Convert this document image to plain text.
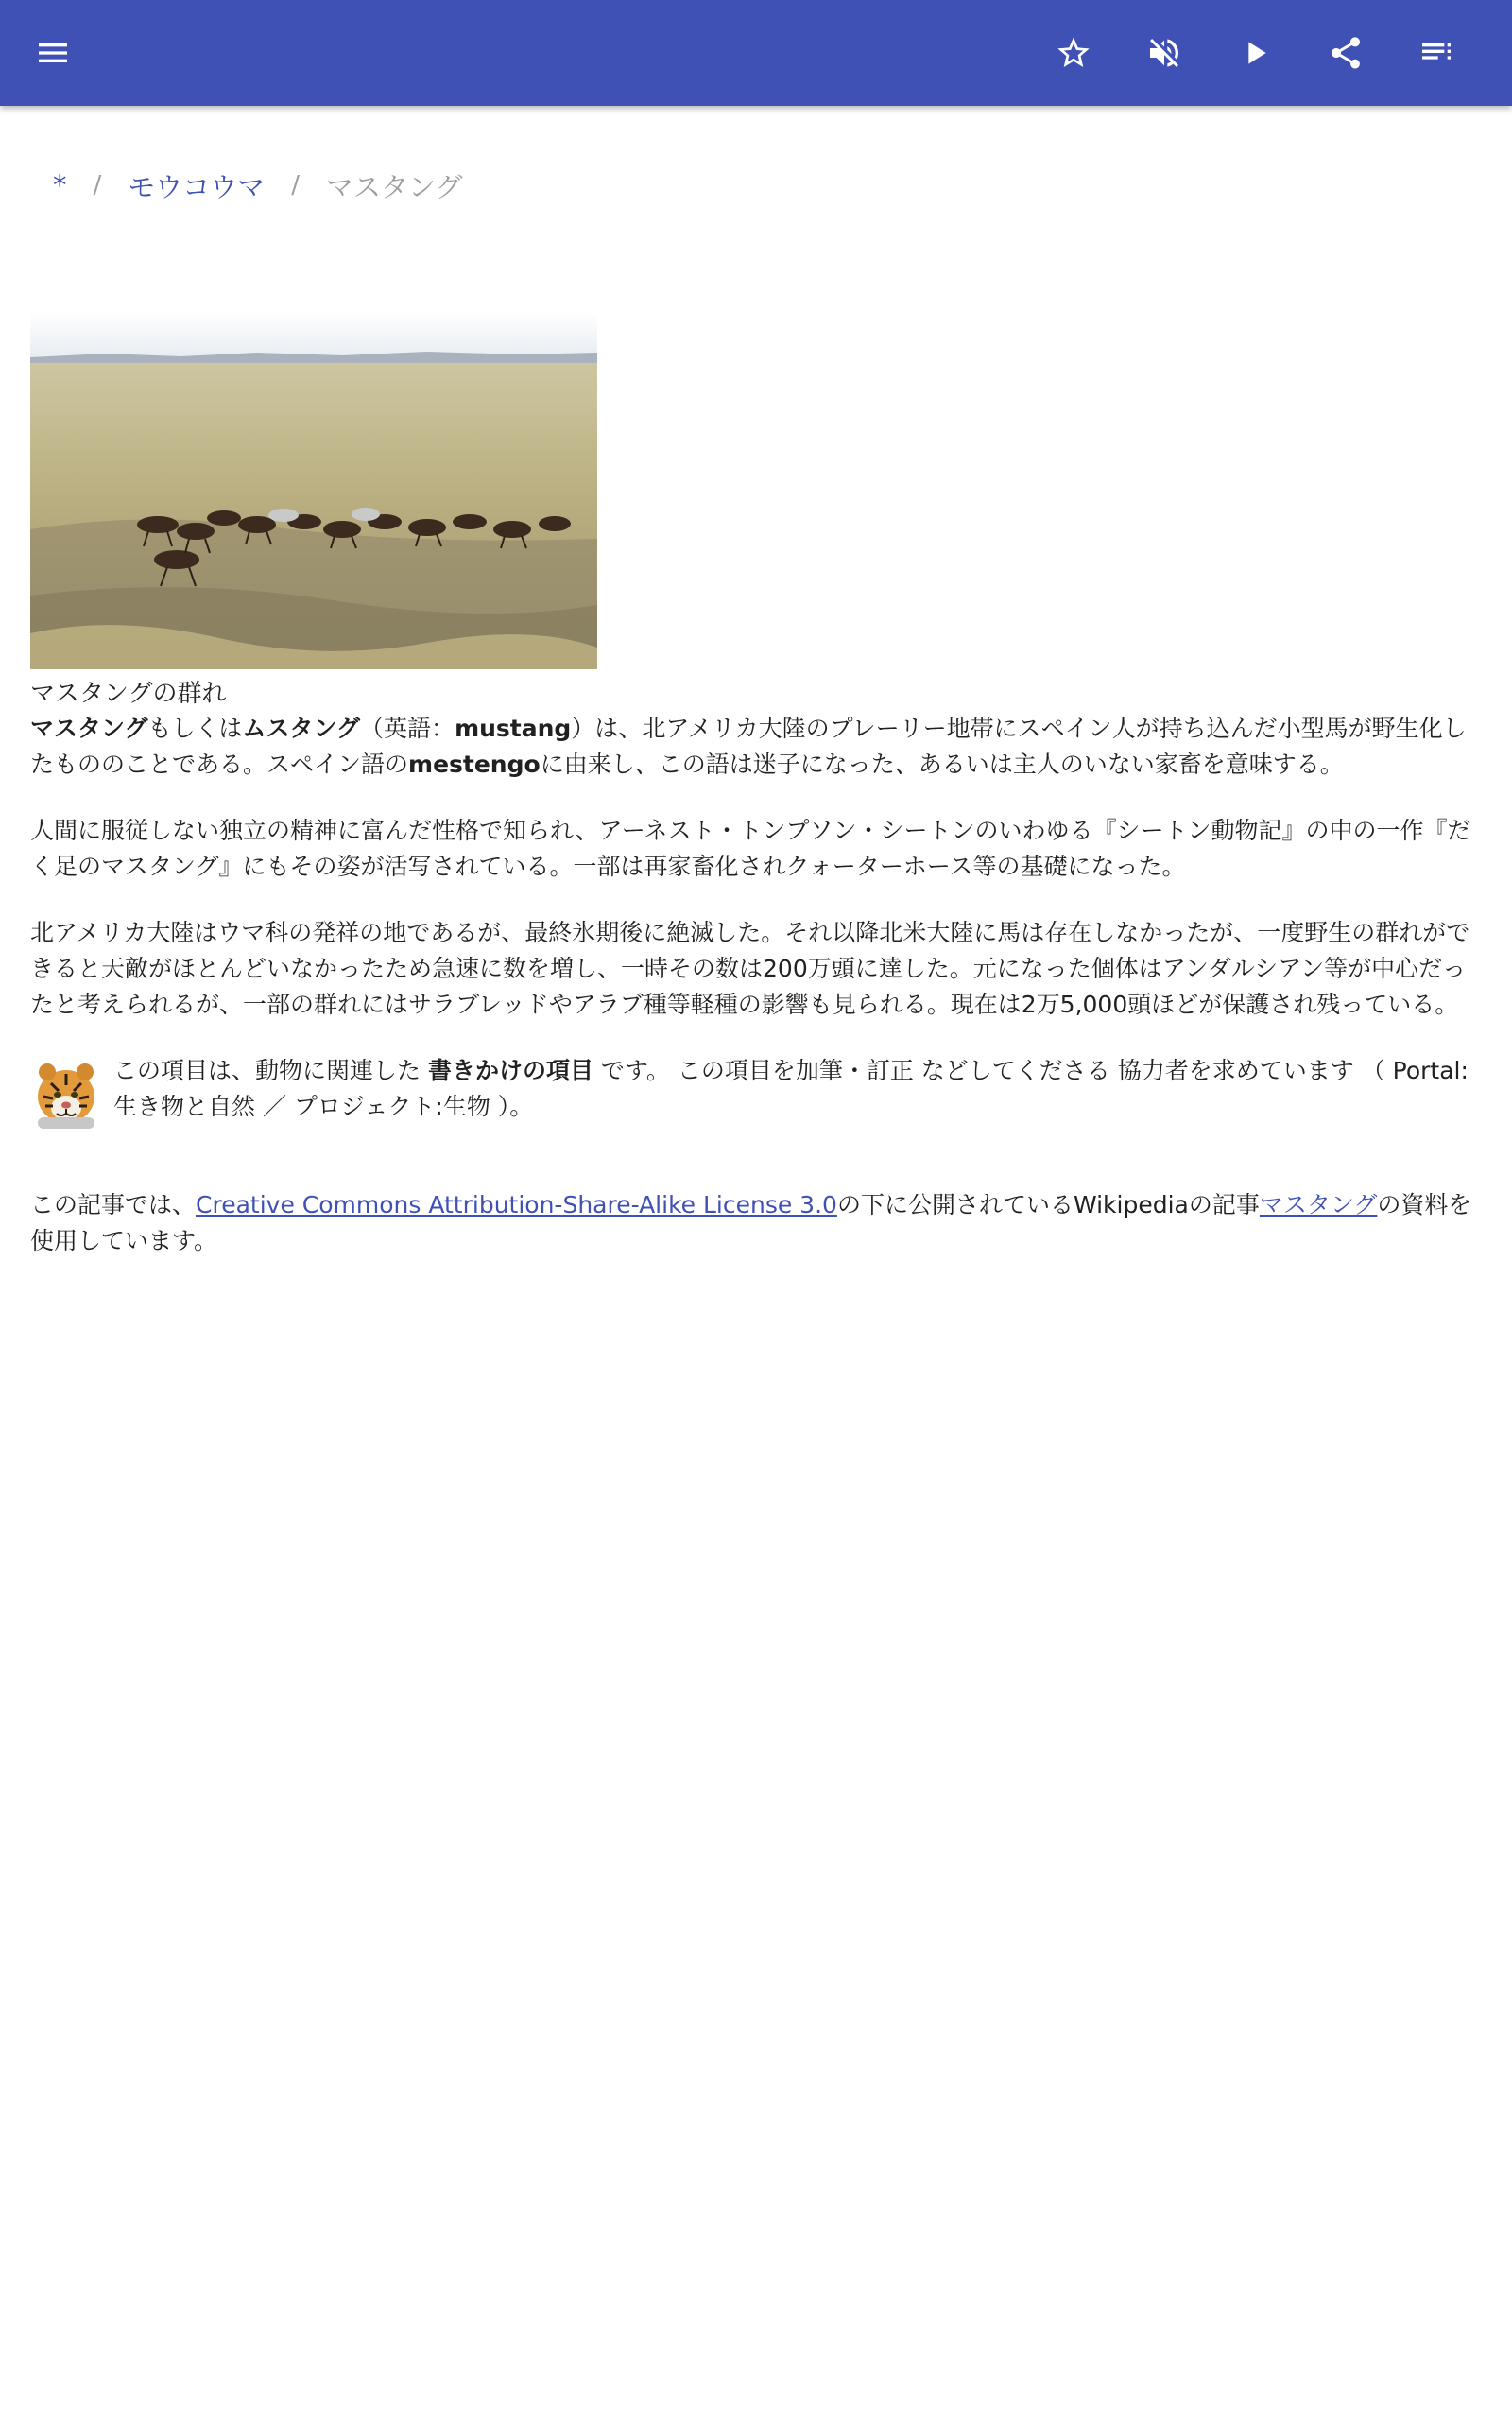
* / モウコウマ / マスタング
マスタングの群れ

マスタングもしくはムスタング（英語：mustang）は、北アメリカ大陸のプレーリー地帯にスペイン人が持ち込んだ小型馬が野生化したもののことである。スペイン語のmestengoに由来し、この語は迷子になった、あるいは主人のいない家畜を意味する。

人間に服従しない独立の精神に富んだ性格で知られ、アーネスト・トンプソン・シートンのいわゆる『シートン動物記』の中の一作『だく足のマスタング』にもその姿が活写されている。一部は再家畜化されクォーターホース等の基礎になった。

北アメリカ大陸はウマ科の発祥の地であるが、最終氷期後に絶滅した。それ以降北米大陸に馬は存在しなかったが、一度野生の群れができると天敵がほとんどいなかったため急速に数を増し、一時その数は200万頭に達した。元になった個体はアンダルシアン等が中心だったと考えられるが、一部の群れにはサラブレッドやアラブ種等軽種の影響も見られる。現在は2万5,000頭ほどが保護され残っている。

この項目は、動物に関連した 書きかけの項目 です。 この項目を加筆・訂正 などしてくださる 協力者を求めています （ Portal:生き物と自然 ／ プロジェクト:生物 ）。

この記事では、Creative Commons Attribution-Share-Alike License 3.0の下に公開されているWikipediaの記事マスタングの資料を使用しています。
